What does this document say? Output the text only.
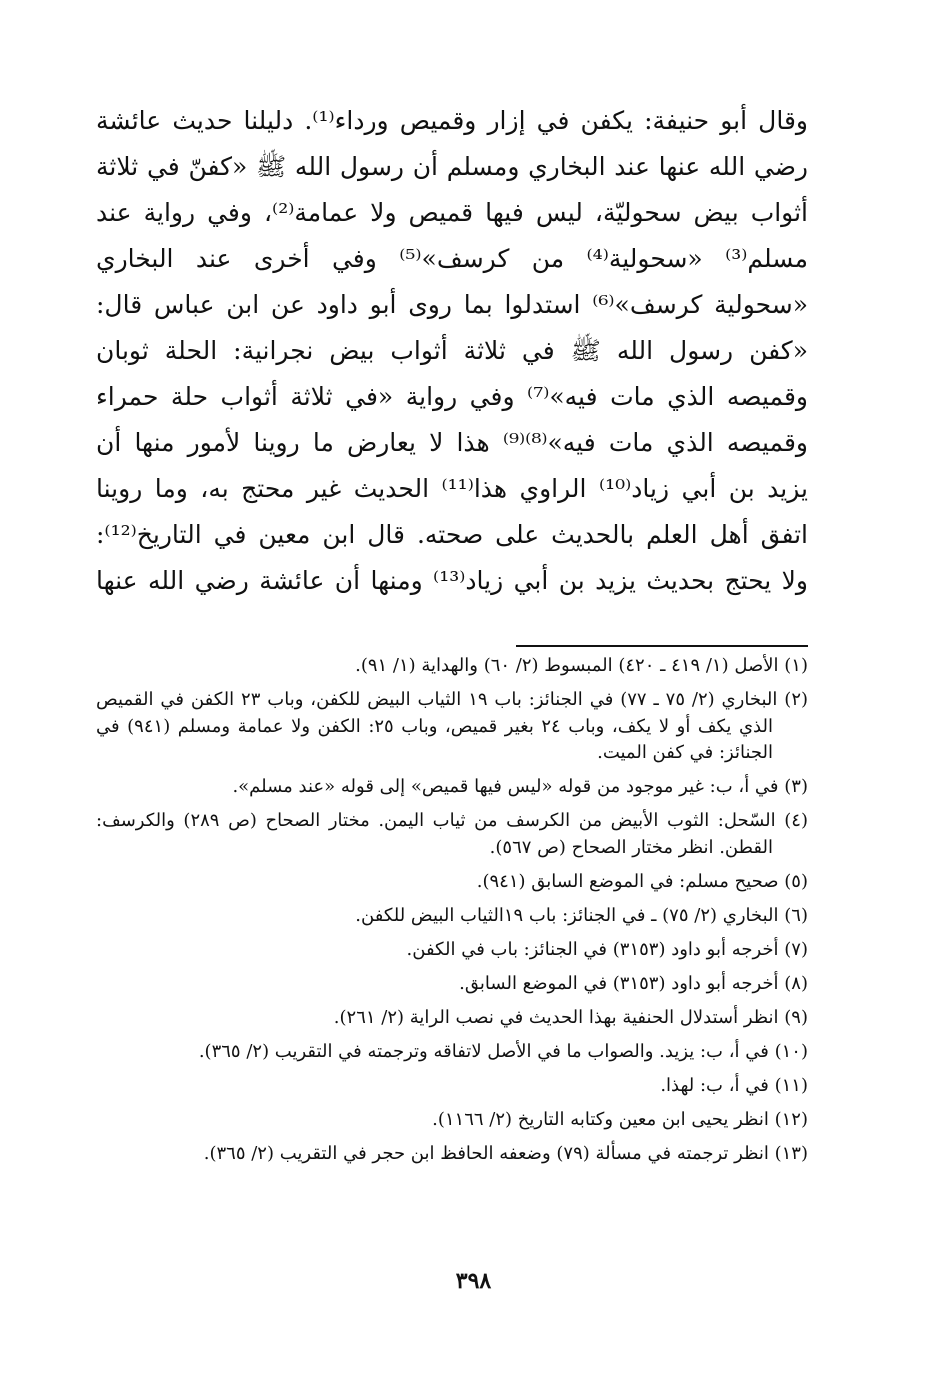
وقال أبو حنيفة: يكفن في إزار وقميص ورداء⁽¹⁾. دليلنا حديث عائشة
رضي الله عنها عند البخاري ومسلم أن رسول الله ﷺ «كفنّ في ثلاثة
أثواب بيض سحوليّة، ليس فيها قميص ولا عمامة⁽²⁾، وفي رواية عند
مسلم⁽³⁾ «سحولية⁽⁴⁾ من كرسف»⁽⁵⁾ وفي أخرى عند البخاري
«سحولية كرسف»⁽⁶⁾ استدلوا بما روى أبو داود عن ابن عباس قال:
«كفن رسول الله ﷺ في ثلاثة أثواب بيض نجرانية: الحلة ثوبان
وقميصه الذي مات فيه»⁽⁷⁾ وفي رواية «في ثلاثة أثواب حلة حمراء
وقميصه الذي مات فيه»⁽⁸⁾⁽⁹⁾ هذا لا يعارض ما روينا لأمور منها أن
يزيد بن أبي زياد⁽¹⁰⁾ الراوي هذا⁽¹¹⁾ الحديث غير محتج به، وما روينا
اتفق أهل العلم بالحديث على صحته. قال ابن معين في التاريخ⁽¹²⁾:
ولا يحتج بحديث يزيد بن أبي زياد⁽¹³⁾ ومنها أن عائشة رضي الله عنها
(١) الأصل (١/ ٤١٩ ـ ٤٢٠) المبسوط (٢/ ٦٠) والهداية (١/ ٩١).
(٢) البخاري (٢/ ٧٥ ـ ٧٧) في الجنائز: باب ١٩ الثياب البيض للكفن، وباب ٢٣ الكفن في القميص الذي يكف أو لا يكف، وباب ٢٤ بغير قميص، وباب ٢٥: الكفن ولا عمامة ومسلم (٩٤١) في الجنائز: في كفن الميت.
(٣) في أ، ب: غير موجود من قوله «ليس فيها قميص» إلى قوله «عند مسلم».
(٤) السّحل: الثوب الأبيض من الكرسف من ثياب اليمن. مختار الصحاح (ص ٢٨٩) والكرسف: القطن. انظر مختار الصحاح (ص ٥٦٧).
(٥) صحيح مسلم: في الموضع السابق (٩٤١).
(٦) البخاري (٢/ ٧٥) ـ في الجنائز: باب ١٩الثياب البيض للكفن.
(٧) أخرجه أبو داود (٣١٥٣) في الجنائز: باب في الكفن.
(٨) أخرجه أبو داود (٣١٥٣) في الموضع السابق.
(٩) انظر أستدلال الحنفية بهذا الحديث في نصب الراية (٢/ ٢٦١).
(١٠) في أ، ب: يزيد. والصواب ما في الأصل لاتفاقه وترجمته في التقريب (٢/ ٣٦٥).
(١١) في أ، ب: لهذا.
(١٢) انظر يحيى ابن معين وكتابه التاريخ (٢/ ١١٦٦).
(١٣) انظر ترجمته في مسألة (٧٩) وضعفه الحافظ ابن حجر في التقريب (٢/ ٣٦٥).
٣٩٨
